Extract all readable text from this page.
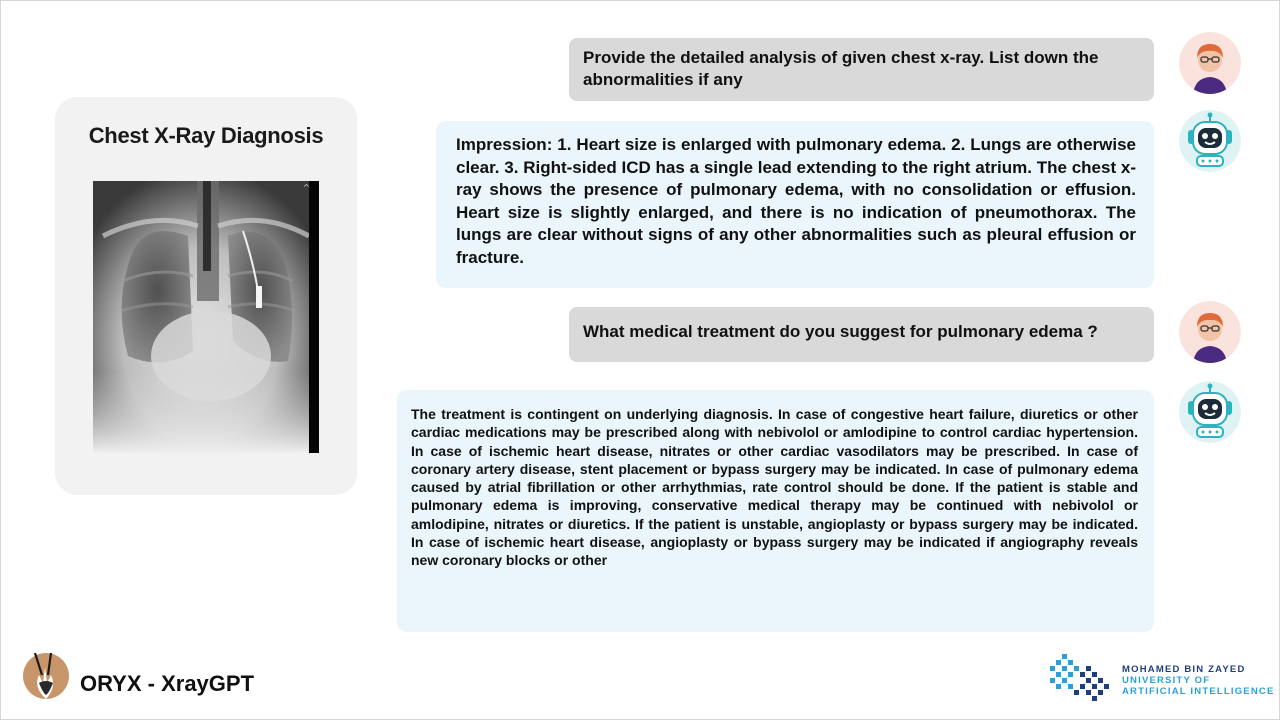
Chest X-Ray Diagnosis
^
Provide the detailed analysis of given chest x-ray. List down the abnormalities if any
Impression: 1. Heart size is enlarged with pulmonary edema. 2. Lungs are otherwise clear. 3. Right-sided ICD has a single lead extending to the right atrium. The chest x-ray shows the presence of pulmonary edema, with no consolidation or effusion. Heart size is slightly enlarged, and there is no indication of pneumothorax. The lungs are clear without signs of any other abnormalities such as pleural effusion or fracture.
What medical treatment do you suggest for pulmonary edema ?
The treatment is contingent on underlying diagnosis. In case of congestive heart failure, diuretics or other cardiac medications may be prescribed along with nebivolol or amlodipine to control cardiac hypertension. In case of ischemic heart disease, nitrates or other cardiac vasodilators may be prescribed. In case of coronary artery disease, stent placement or bypass surgery may be indicated. In case of pulmonary edema caused by atrial fibrillation or other arrhythmias, rate control should be done. If the patient is stable and pulmonary edema is improving, conservative medical therapy may be continued with nebivolol or amlodipine, nitrates or diuretics. If the patient is unstable, angioplasty or bypass surgery may be indicated. In case of ischemic heart disease, angioplasty or bypass surgery may be indicated if angiography reveals new coronary blocks or other
ORYX - XrayGPT
MOHAMED BIN ZAYED
UNIVERSITY OF
ARTIFICIAL INTELLIGENCE
